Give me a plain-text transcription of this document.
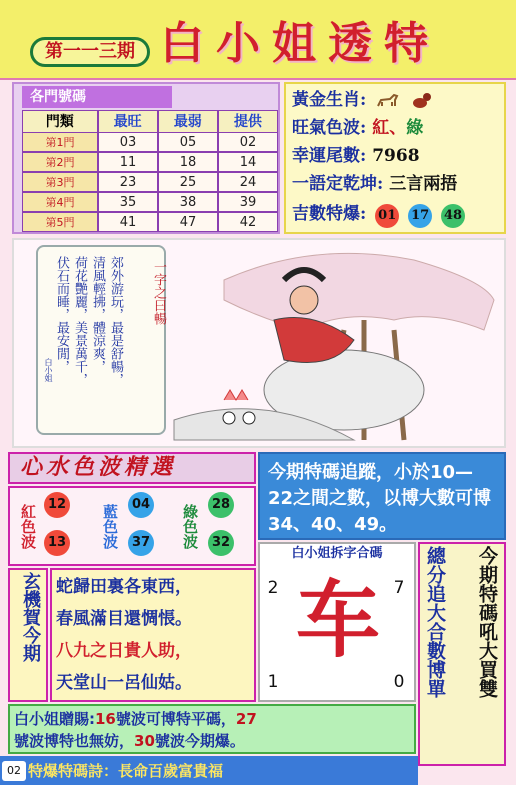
第一一三期 白小姐透特
各門號碼
門類	最旺	最弱	提供
第1門	03	05	02
第2門	11	18	14
第3門	23	25	24
第4門	35	38	39
第5門	41	47	42
黃金生肖:
旺氣色波: 紅、綠
幸運尾數: 7968
一語定乾坤: 三言兩捂
吉數特爆: 01 17 48
郊外游玩，最是舒暢，
清風輕拂，體涼爽，
荷花艷麗，美景萬千，
伏石而睡，最安閒，
白小姐
一字之曰暢
心水色波精選
紅色波 12
13 藍色波 04
37 綠色波 28
32
今期特碼追蹤，小於10—22之間之數，以博大數可博34、40、49。
玄機賀今期 蛇歸田裏各東西，
春風滿目還惆悵。
八九之日貴人助，
天堂山一呂仙姑。
白小姐拆字合碼
2	7
车
1	0 總分追大合數博單	今期特碼吼大買雙
白小姐贈賜:16號波可博特平碼，27
號波博特也無妨，30號波今期爆。
特爆特碼詩：長命百歲富貴福
02
